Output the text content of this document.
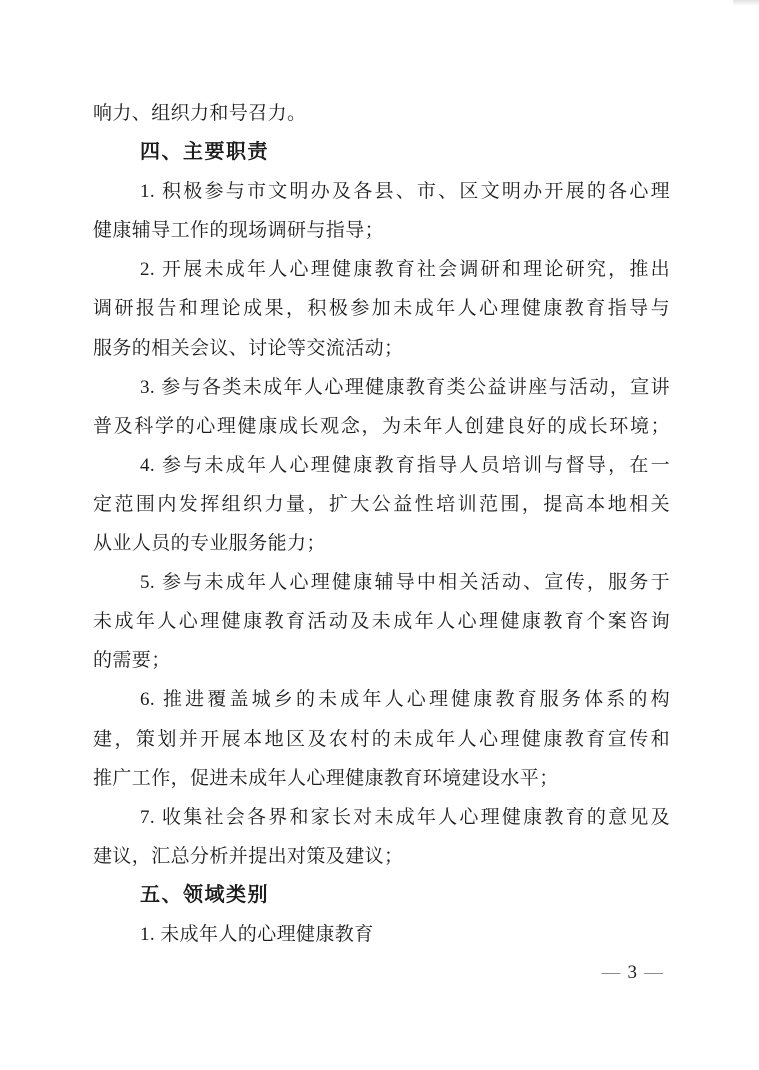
响力、组织力和号召力。
四、主要职责
1. 积极参与市文明办及各县、市、区文明办开展的各心理
健康辅导工作的现场调研与指导；
2. 开展未成年人心理健康教育社会调研和理论研究，推出
调研报告和理论成果，积极参加未成年人心理健康教育指导与
服务的相关会议、讨论等交流活动；
3. 参与各类未成年人心理健康教育类公益讲座与活动，宣讲
普及科学的心理健康成长观念，为未年人创建良好的成长环境；
4. 参与未成年人心理健康教育指导人员培训与督导，在一
定范围内发挥组织力量，扩大公益性培训范围，提高本地相关
从业人员的专业服务能力；
5. 参与未成年人心理健康辅导中相关活动、宣传，服务于
未成年人心理健康教育活动及未成年人心理健康教育个案咨询
的需要；
6. 推进覆盖城乡的未成年人心理健康教育服务体系的构
建，策划并开展本地区及农村的未成年人心理健康教育宣传和
推广工作，促进未成年人心理健康教育环境建设水平；
7. 收集社会各界和家长对未成年人心理健康教育的意见及
建议，汇总分析并提出对策及建议；
五、领域类别
1. 未成年人的心理健康教育
— 3 —
